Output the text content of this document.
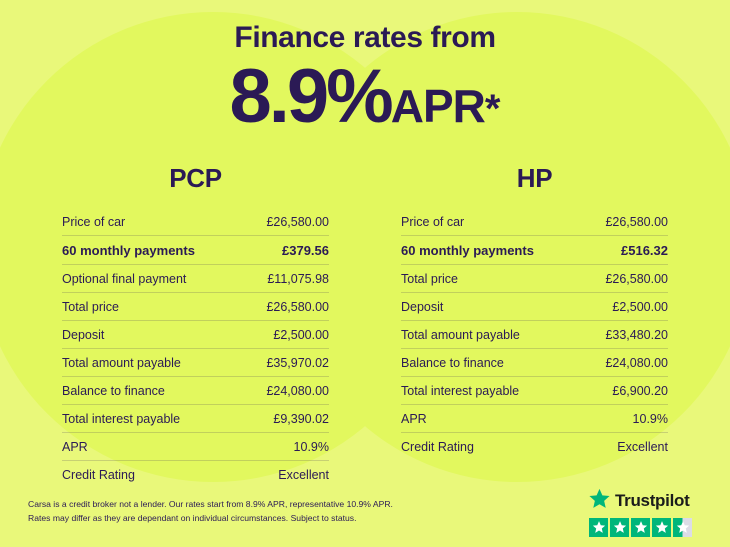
Finance rates from
8.9%APR*
PCP
Price of car	£26,580.00
60 monthly payments	£379.56
Optional final payment	£11,075.98
Total price	£26,580.00
Deposit	£2,500.00
Total amount payable	£35,970.02
Balance to finance	£24,080.00
Total interest payable	£9,390.02
APR	10.9%
Credit Rating	Excellent
HP
Price of car	£26,580.00
60 monthly payments	£516.32
Total price	£26,580.00
Deposit	£2,500.00
Total amount payable	£33,480.20
Balance to finance	£24,080.00
Total interest payable	£6,900.20
APR	10.9%
Credit Rating	Excellent
Carsa is a credit broker not a lender. Our rates start from 8.9% APR, representative 10.9% APR.
Rates may differ as they are dependant on individual circumstances. Subject to status.
Trustpilot
